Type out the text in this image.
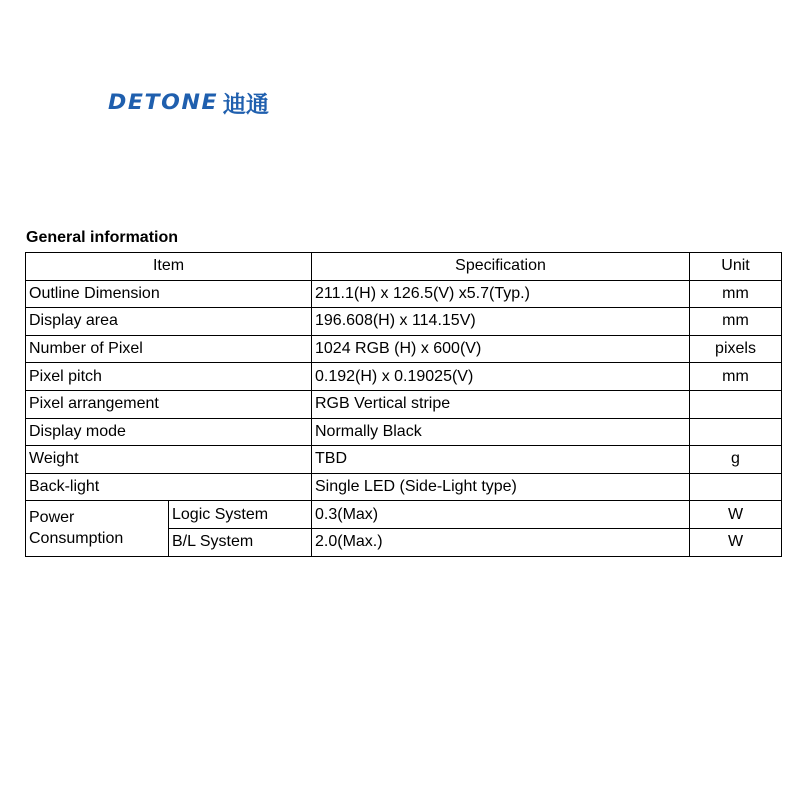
DETONE 迪通
General information
Item		Specification	Unit
Outline Dimension		211.1(H) x 126.5(V) x5.7(Typ.)	mm
Display area		196.608(H) x 114.15V)	mm
Number of Pixel		1024 RGB (H) x 600(V)	pixels
Pixel pitch		0.192(H) x 0.19025(V)	mm
Pixel arrangement		RGB Vertical stripe	
Display mode		Normally Black	
Weight		TBD	g
Back-light		Single LED (Side-Light type)	
Power
Consumption	Logic System	0.3(Max)	W
	B/L System	2.0(Max.)	W
